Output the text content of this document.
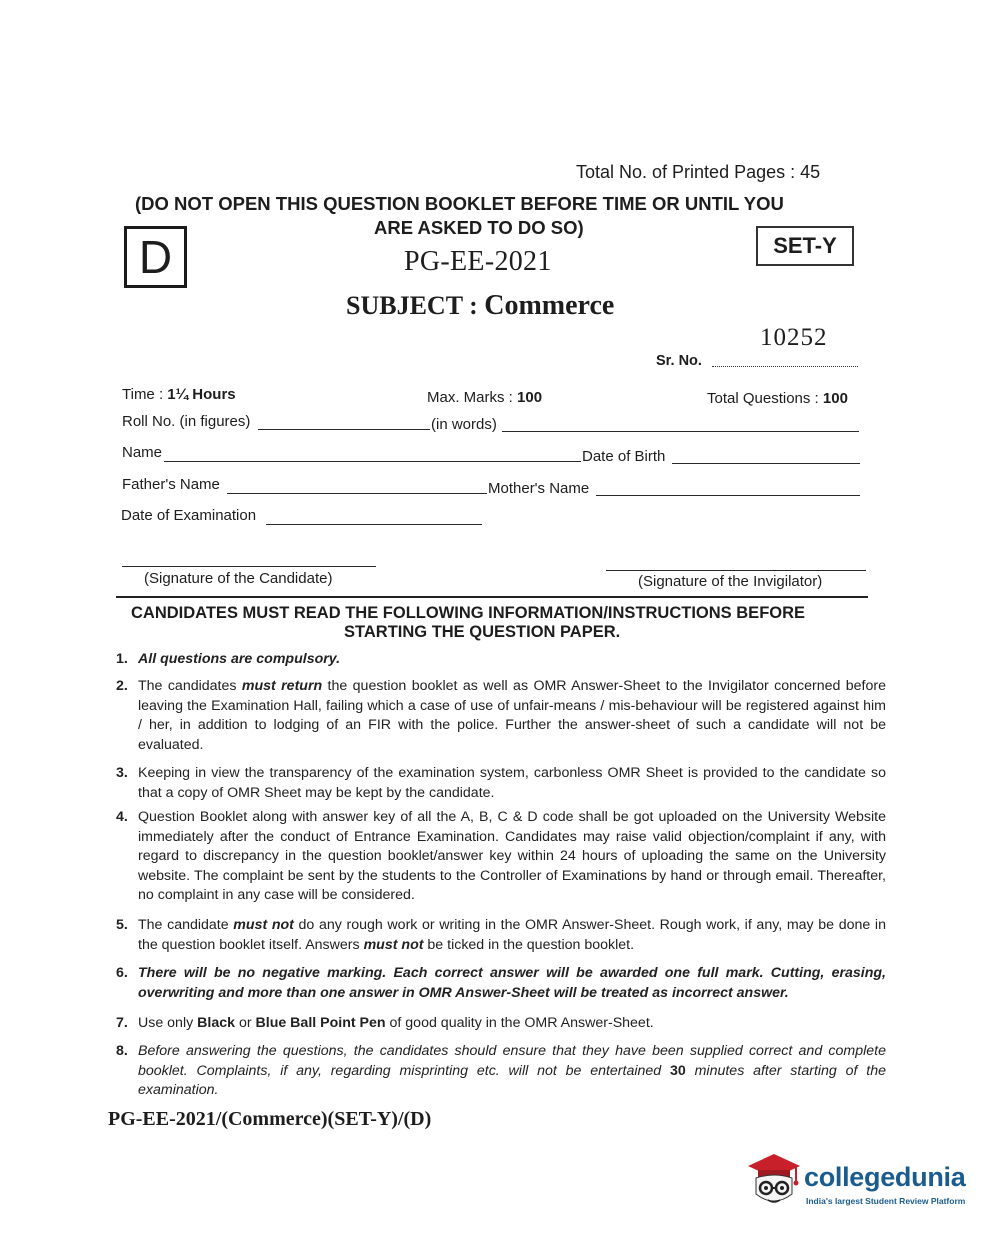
Total No. of Printed Pages : 45
(DO NOT OPEN THIS QUESTION BOOKLET BEFORE TIME OR UNTIL YOU
ARE ASKED TO DO SO)
D	SET-Y
PG-EE-2021
SUBJECT : Commerce
10252
Sr. No.
Time : 1¼ Hours	Max. Marks : 100	Total Questions : 100
Roll No. (in figures)	(in words)
Name	Date of Birth
Father's Name	Mother's Name
Date of Examination
(Signature of the Candidate)	(Signature of the Invigilator)
CANDIDATES MUST READ THE FOLLOWING INFORMATION/INSTRUCTIONS BEFORE
STARTING THE QUESTION PAPER.
1. All questions are compulsory.
2. The candidates must return the question booklet as well as OMR Answer-Sheet to the Invigilator concerned before leaving the Examination Hall, failing which a case of use of unfair-means / mis-behaviour will be registered against him / her, in addition to lodging of an FIR with the police. Further the answer-sheet of such a candidate will not be evaluated.
3. Keeping in view the transparency of the examination system, carbonless OMR Sheet is provided to the candidate so that a copy of OMR Sheet may be kept by the candidate.
4. Question Booklet along with answer key of all the A, B, C & D code shall be got uploaded on the University Website immediately after the conduct of Entrance Examination. Candidates may raise valid objection/complaint if any, with regard to discrepancy in the question booklet/answer key within 24 hours of uploading the same on the University website. The complaint be sent by the students to the Controller of Examinations by hand or through email. Thereafter, no complaint in any case will be considered.
5. The candidate must not do any rough work or writing in the OMR Answer-Sheet. Rough work, if any, may be done in the question booklet itself. Answers must not be ticked in the question booklet.
6. There will be no negative marking. Each correct answer will be awarded one full mark. Cutting, erasing, overwriting and more than one answer in OMR Answer-Sheet will be treated as incorrect answer.
7. Use only Black or Blue Ball Point Pen of good quality in the OMR Answer-Sheet.
8. Before answering the questions, the candidates should ensure that they have been supplied correct and complete booklet. Complaints, if any, regarding misprinting etc. will not be entertained 30 minutes after starting of the examination.
PG-EE-2021/(Commerce)(SET-Y)/(D)
collegedunia
India's largest Student Review Platform
